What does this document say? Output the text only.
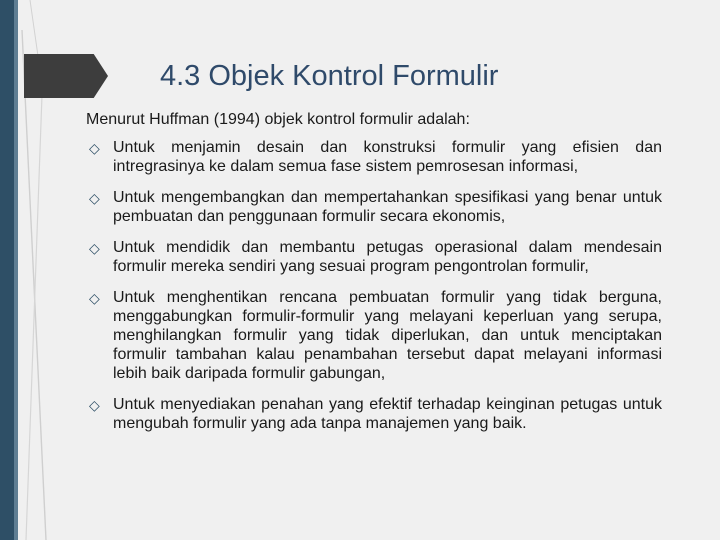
4.3 Objek Kontrol Formulir

Menurut Huffman (1994) objek kontrol formulir adalah:

◇ Untuk menjamin desain dan konstruksi formulir yang efisien dan intregrasinya ke dalam semua fase sistem pemrosesan informasi,
◇ Untuk mengembangkan dan mempertahankan spesifikasi yang benar untuk pembuatan dan penggunaan formulir secara ekonomis,
◇ Untuk mendidik dan membantu petugas operasional dalam mendesain formulir mereka sendiri yang sesuai program pengontrolan formulir,
◇ Untuk menghentikan rencana pembuatan formulir yang tidak berguna, menggabungkan formulir-formulir yang melayani keperluan yang serupa, menghilangkan formulir yang tidak diperlukan, dan untuk menciptakan formulir tambahan kalau penambahan tersebut dapat melayani informasi lebih baik daripada formulir gabungan,
◇ Untuk menyediakan penahan yang efektif terhadap keinginan petugas untuk mengubah formulir yang ada tanpa manajemen yang baik.
